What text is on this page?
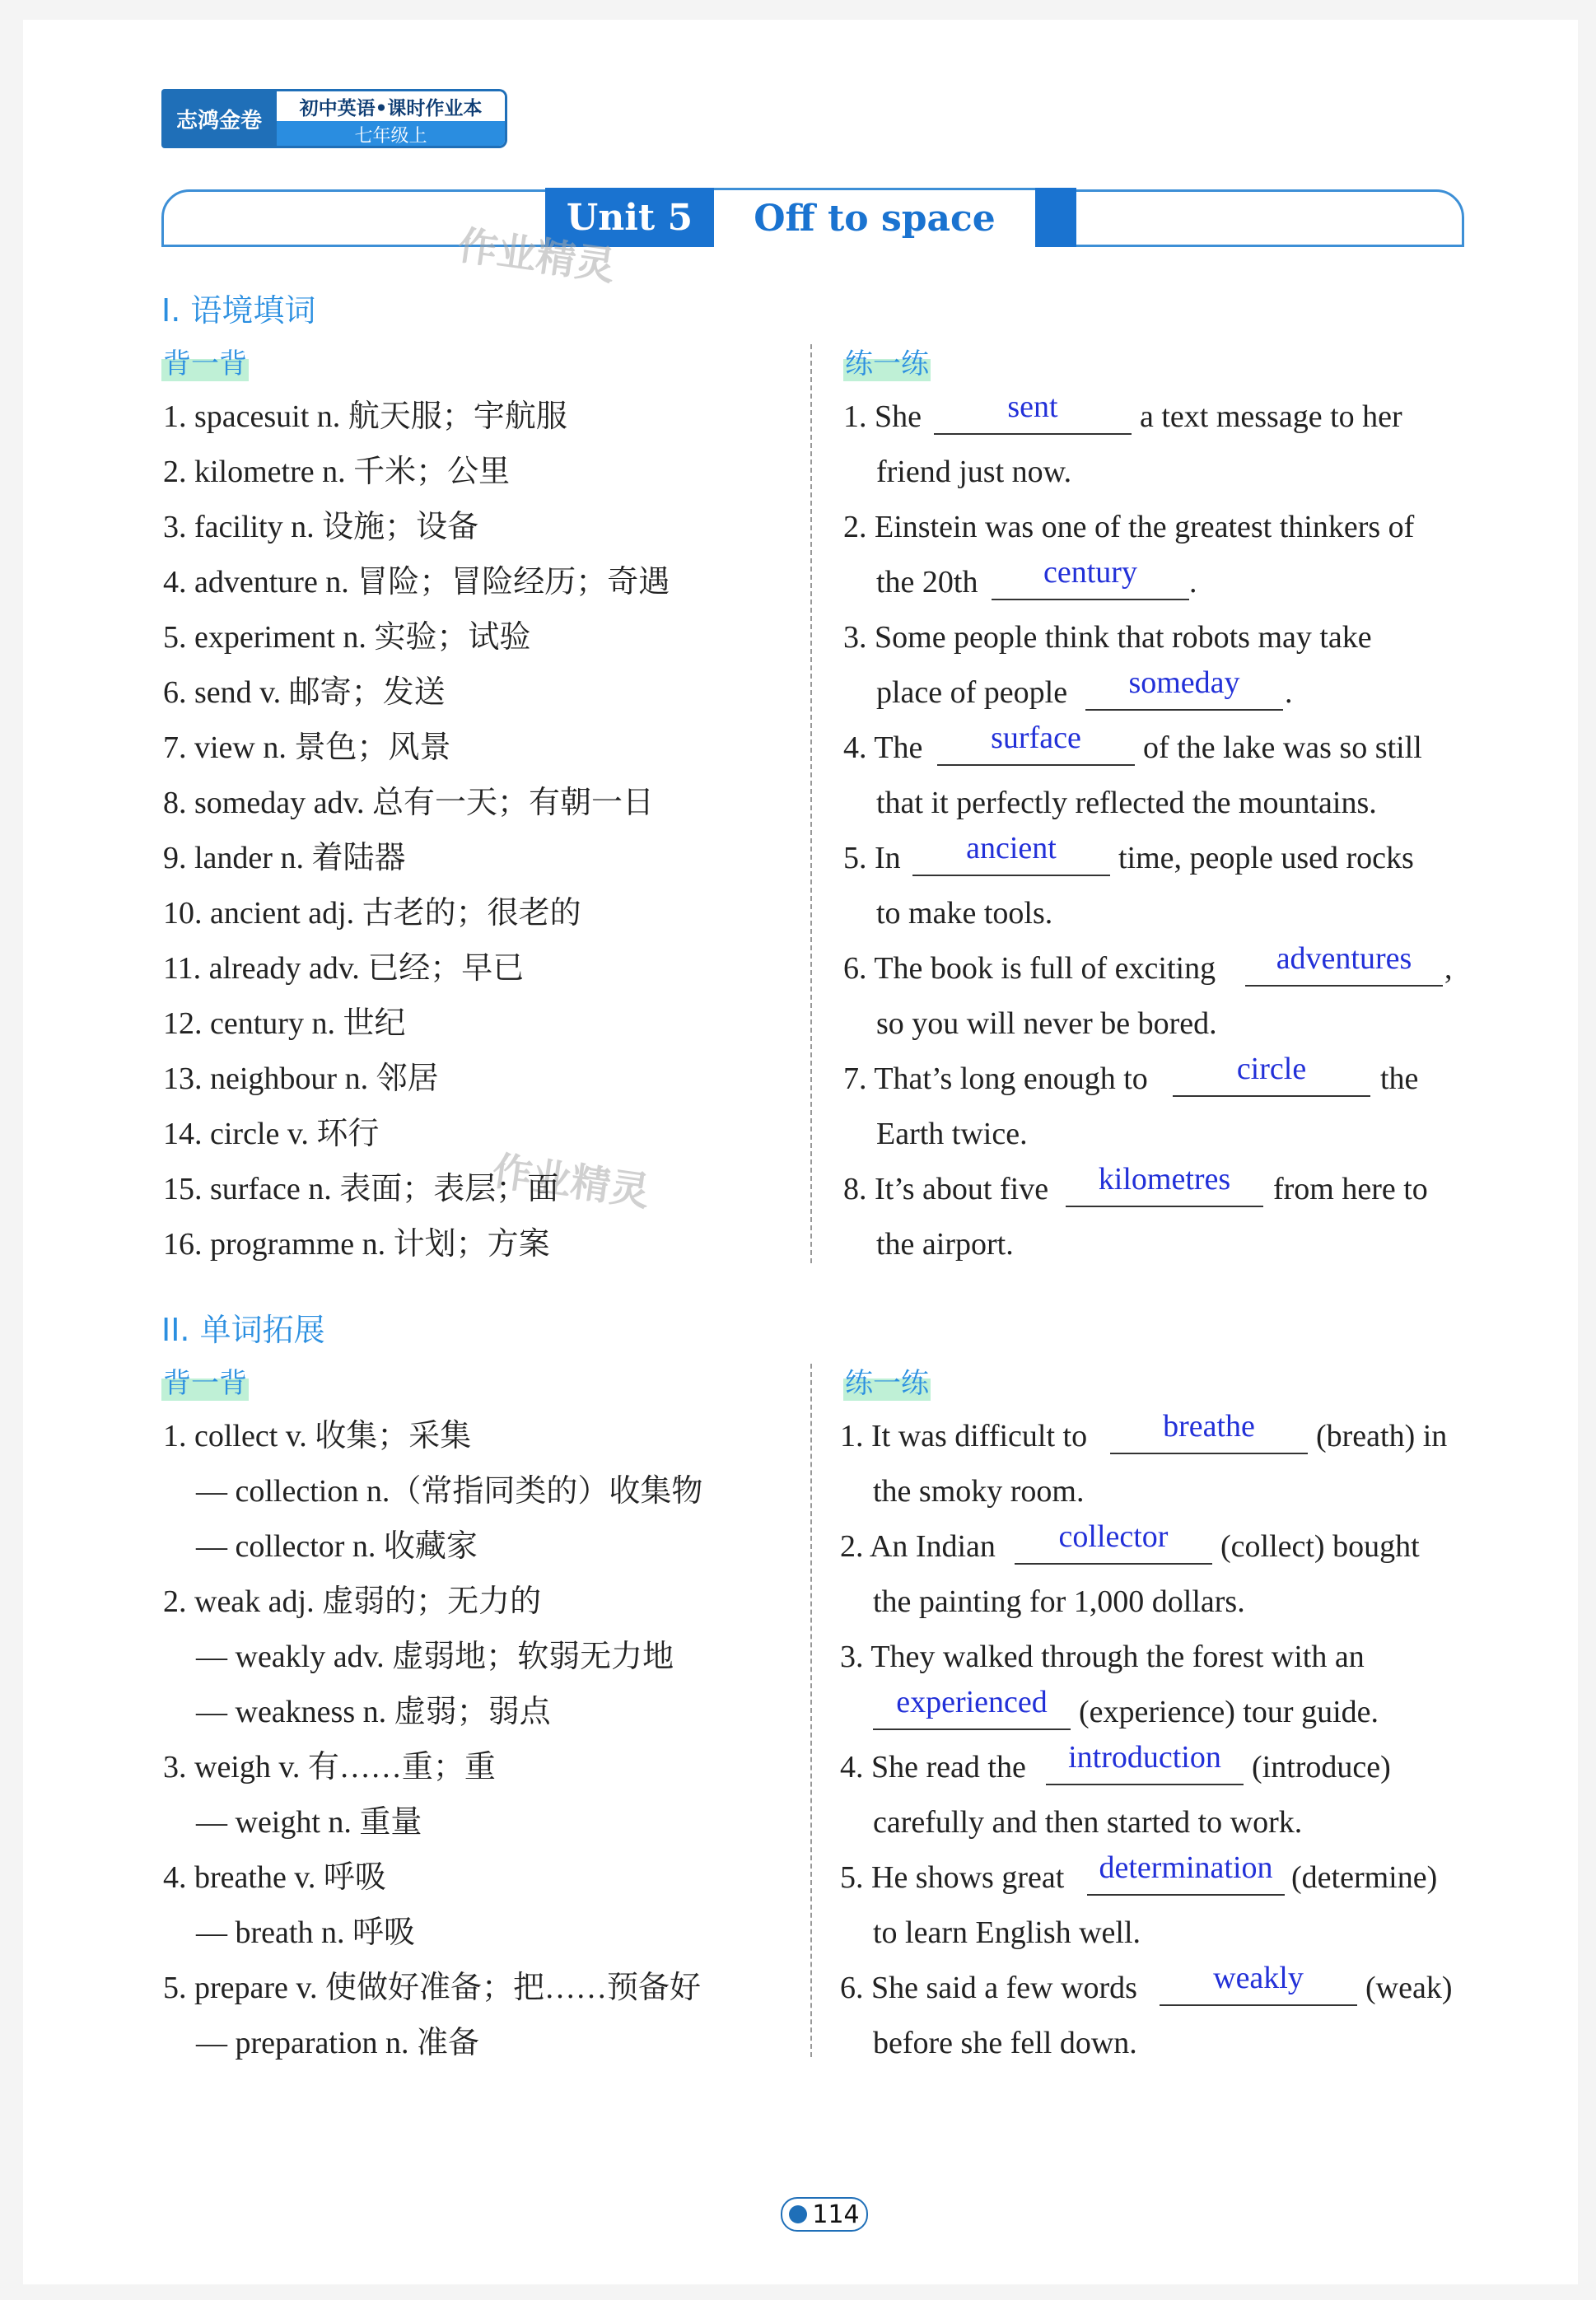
志鸿金卷	初中英语•课时作业本
七年级上
Unit 5	Off to space
作业精灵
作业精灵
I. 语境填词
背一背	练一练
1. spacesuit n. 航天服；宇航服
2. kilometre n. 千米；公里
3. facility n. 设施；设备
4. adventure n. 冒险；冒险经历；奇遇
5. experiment n. 实验；试验
6. send v. 邮寄；发送
7. view n. 景色；风景
8. someday adv. 总有一天；有朝一日
9. lander n. 着陆器
10. ancient adj. 古老的；很老的
11. already adv. 已经；早已
12. century n. 世纪
13. neighbour n. 邻居
14. circle v. 环行
15. surface n. 表面；表层；面
16. programme n. 计划；方案
1. She	sent	a text message to her
friend just now.
2. Einstein was one of the greatest thinkers of
the 20th	century	.
3. Some people think that robots may take
place of people	someday	.
4. The	surface	of the lake was so still
that it perfectly reflected the mountains.
5. In	ancient	time, people used rocks
to make tools.
6. The book is full of exciting	adventures	,
so you will never be bored.
7. That’s long enough to	circle	the
Earth twice.
8. It’s about five	kilometres	from here to
the airport.
II. 单词拓展
背一背	练一练
1. collect v. 收集；采集
— collection n.（常指同类的）收集物
— collector n. 收藏家
2. weak adj. 虚弱的；无力的
— weakly adv. 虚弱地；软弱无力地
— weakness n. 虚弱；弱点
3. weigh v. 有……重；重
— weight n. 重量
4. breathe v. 呼吸
— breath n. 呼吸
5. prepare v. 使做好准备；把……预备好
— preparation n. 准备
1. It was difficult to	breathe	(breath) in
the smoky room.
2. An Indian	collector	(collect) bought
the painting for 1,000 dollars.
3. They walked through the forest with an
experienced	(experience) tour guide.
4. She read the	introduction (introduce)
carefully and then started to work.
5. He shows great	determination (determine)
to learn English well.
6. She said a few words	weakly	(weak)
before she fell down.
114
